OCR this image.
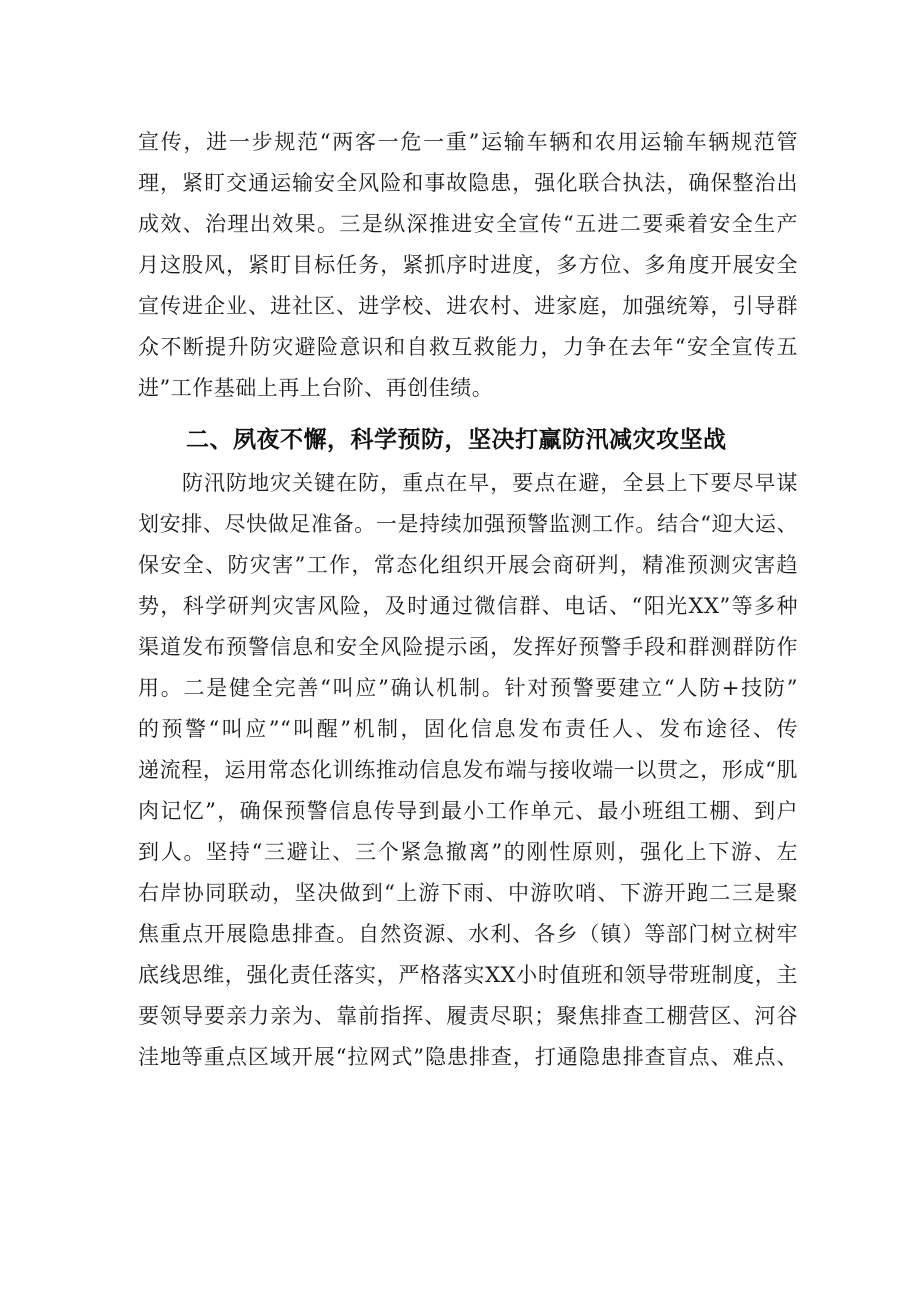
宣传，进一步规范“两客一危一重”运输车辆和农用运输车辆规范管
理，紧盯交通运输安全风险和事故隐患，强化联合执法，确保整治出
成效、治理出效果。三是纵深推进安全宣传“五进二要乘着安全生产
月这股风，紧盯目标任务，紧抓序时进度，多方位、多角度开展安全
宣传进企业、进社区、进学校、进农村、进家庭，加强统筹，引导群
众不断提升防灾避险意识和自救互救能力，力争在去年“安全宣传五
进”工作基础上再上台阶、再创佳绩。
二、夙夜不懈，科学预防，坚决打赢防汛减灾攻坚战
防汛防地灾关键在防，重点在早，要点在避，全县上下要尽早谋
划安排、尽快做足准备。一是持续加强预警监测工作。结合“迎大运、
保安全、防灾害”工作，常态化组织开展会商研判，精准预测灾害趋
势，科学研判灾害风险，及时通过微信群、电话、“阳光XX”等多种
渠道发布预警信息和安全风险提示函，发挥好预警手段和群测群防作
用。二是健全完善“叫应”确认机制。针对预警要建立“人防+技防”
的预警“叫应”“叫醒”机制，固化信息发布责任人、发布途径、传
递流程，运用常态化训练推动信息发布端与接收端一以贯之，形成“肌
肉记忆”，确保预警信息传导到最小工作单元、最小班组工棚、到户
到人。坚持“三避让、三个紧急撤离”的刚性原则，强化上下游、左
右岸协同联动，坚决做到“上游下雨、中游吹哨、下游开跑二三是聚
焦重点开展隐患排查。自然资源、水利、各乡（镇）等部门树立树牢
底线思维，强化责任落实，严格落实XX小时值班和领导带班制度，主
要领导要亲力亲为、靠前指挥、履责尽职；聚焦排查工棚营区、河谷
洼地等重点区域开展“拉网式”隐患排查，打通隐患排查盲点、难点、
